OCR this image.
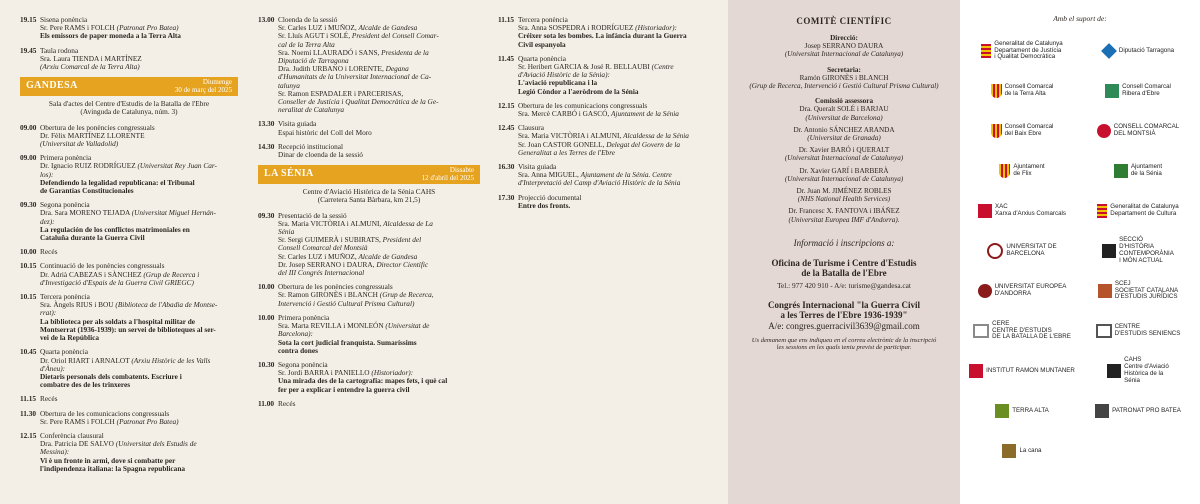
19.15 Sisena ponència
Sr. Pere RAMS i FOLCH (Patronat Pro Batea)
Els emissors de paper moneda a la Terra Alta
19.45 Taula rodona
Sra. Laura TIENDA i MARTÍNEZ
(Arxiu Comarcal de la Terra Alta)
GANDESA	Diumenge
30 de març del 2025
Sala d'actes del Centre d'Estudis de la Batalla de l'Ebre
(Avinguda de Catalunya, núm. 3)
09.00 Obertura de les ponències congressuals
Dr. Fèlix MARTÍNEZ LLORENTE
(Universitat de Valladolid)
09.00 Primera ponència
Dr. Ignacio RUIZ RODRÍGUEZ (Universitat Rey Juan Car-
los):
Defendiendo la legalidad republicana: el Tribunal
de Garantías Constitucionales
09.30 Segona ponència
Dra. Sara MORENO TEJADA (Universitat Miguel Hernán-
dez):
La regulación de los conflictos matrimoniales en
Cataluña durante la Guerra Civil
10.00 Recés
10.15 Continuació de les ponències congressuals
Dr. Adrià CABEZAS i SÀNCHEZ (Grup de Recerca i
d'Investigació d'Espais de la Guerra Civil GRIEGC)
10.15 Tercera ponència
Sra. Àngels RIUS i BOU (Biblioteca de l'Abadia de Montse-
rrat):
La biblioteca per als soldats a l'hospital militar de
Montserrat (1936-1939): un servei de biblioteques al ser-
vei de la República
10.45 Quarta ponència
Dr. Oriol RIART i ARNALOT (Arxiu Històric de les Valls
d'Àneu):
Dietaris personals dels combatents. Escriure i
combatre des de les trinxeres
11.15 Recés
11.30 Obertura de les comunicacions congressuals
Sr. Pere RAMS i FOLCH (Patronat Pro Batea)
12.15 Conferència clausural
Dra. Patricia DE SALVO (Universitat dels Estudis de
Messina):
Vi è un fronte in armi, dove si combatte per
l'indipendenza italiana: la Spagna republicana
13.00 Cloenda de la sessió
Sr. Carles LUZ i MUÑOZ, Alcalde de Gandesa
Sr. Lluís AGUT i SOLÉ, President del Consell Comar-
cal de la Terra Alta
Sra. Noemí LLAURADÓ i SANS, Presidenta de la
Diputació de Tarragona
Dra. Judith URBANO i LORENTE, Degana
d'Humanitats de la Universitat Internacional de Ca-
talunya
Sr. Ramon ESPADALER i PARCERISAS,
Conseller de Justícia i Qualitat Democràtica de la Ge-
neralitat de Catalunya
13.30 Visita guiada
Espai històric del Coll del Moro
14.30 Recepció institucional
Dinar de cloenda de la sessió
LA SÉNIA	Dissabte
12 d'abril del 2025
Centre d'Aviació Històrica de la Sénia CAHS
(Carretera Santa Bàrbara, km 21,5)
09.30 Presentació de la sessió
Sra. Maria VICTÒRIA i ALMUNI, Alcaldessa de La
Sénia
Sr. Sergi GUIMERÀ i SUBIRATS, President del
Consell Comarcal del Montsià
Sr. Carles LUZ i MUÑOZ, Alcalde de Gandesa
Dr. Josep SERRANO i DAURA, Director Científic
del III Congrés Internacional
10.00 Obertura de les ponències congressuals
Sr. Ramon GIRONÈS i BLANCH (Grup de Recerca,
Intervenció i Gestió Cultural Prisma Cultural)
10.00 Primera ponència
Sra. Marta REVILLA i MONLEÓN (Universitat de
Barcelona):
Sota la cort judicial franquista. Sumaríssims
contra dones
10.30 Segona ponència
Sr. Jordi BARRA i PANIELLO (Historiador):
Una mirada des de la cartografia: mapes fets, i què cal
fer per a explicar i entendre la guerra civil
11.00 Recés
11.15 Tercera ponència
Sra. Anna SOSPEDRA i RODRÍGUEZ (Historiador):
Créixer sota les bombes. La infància durant la Guerra
Civil espanyola
11.45 Quarta ponència
Sr. Heribert GARCIA & José R. BELLAUBI (Centre
d'Aviació Històric de la Sénia):
L'aviació republicana i la
Legió Còndor a l'aeròdrom de la Sénia
12.15 Obertura de les comunicacions congressuals
Sra. Mercè CARBÓ i GASCÓ, Ajuntament de la Sénia
12.45 Clausura
Sra. Maria VICTÒRIA i ALMUNI, Alcaldessa de la Sénia
Sr. Joan CASTOR GONELL, Delegat del Govern de la
Generalitat a les Terres de l'Ebre
16.30 Visita guiada
Sra. Anna MIGUEL, Ajuntament de la Sénia. Centre
d'Interpretació del Camp d'Aviació Històric de la Sénia
17.30 Projecció documental
Entre dos fronts.
COMITÈ CIENTÍFIC
Direcció:
Josep SERRANO DAURA
(Universitat Internacional de Catalunya)
Secretaria:
Ramón GIRONÈS i BLANCH
(Grup de Recerca, Intervenció i Gestió Cultural Prisma Cultural)
Comissió assessora
Dra. Queralt SOLÉ i BARJAU
(Universitat de Barcelona)
Dr. Antonio SÁNCHEZ ARANDA
(Universitat de Granada)
Dr. Xavier BARÓ i QUERALT
(Universitat Internacional de Catalunya)
Dr. Xavier GARÍ i BARBERÀ
(Universitat Internacional de Catalunya)
Dr. Juan M. JIMÉNEZ ROBLES
(NHS National Health Services)
Dr. Francesc X. FANTOVA i IBÁÑEZ
(Universitat Europea IMF d'Andorra).
Informació i inscripcions a:
Oficina de Turisme i Centre d'Estudis
de la Batalla de l'Ebre
Tel.: 977 420 910 - A/e: turisme@gandesa.cat
Congrés Internacional "la Guerra Civil
a les Terres de l'Ebre 1936-1939"
A/e: congres.guerracivil3639@gmail.com
Us demanem que ens indiqueu en el correu electrònic de la inscripció
les sessions en les quals teniu previst de participar.
Amb el suport de:
Generalitat de Catalunya
Departament de Justícia
i Qualitat Democràtica
Diputació Tarragona
Consell Comarcal
de la Terra Alta
Consell Comarcal
Ribera d'Ebre
Consell Comarcal
del Baix Ebre
CONSELL COMARCAL
DEL MONTSIÀ
Ajuntament
de Flix
Ajuntament
de la Sénia
XAC
Xarxa d'Arxius Comarcals
Generalitat de Catalunya
Departament de Cultura
UNIVERSITAT DE
BARCELONA
SECCIÓ
D'HISTÒRIA
CONTEMPORÀNIA
I MÓN ACTUAL
UNIVERSITAT EUROPEA
D'ANDORRA
SCEJ
SOCIETAT CATALANA
D'ESTUDIS JURÍDICS
CERE
CENTRE D'ESTUDIS
DE LA BATALLA DE L'EBRE
CENTRE
D'ESTUDIS SENIENCS
INSTITUT RAMON MUNTANER
CAHS
Centre d'Aviació
Històrica de la
Sénia
TERRA ALTA	PATRONAT PRO BATEA
La cana
